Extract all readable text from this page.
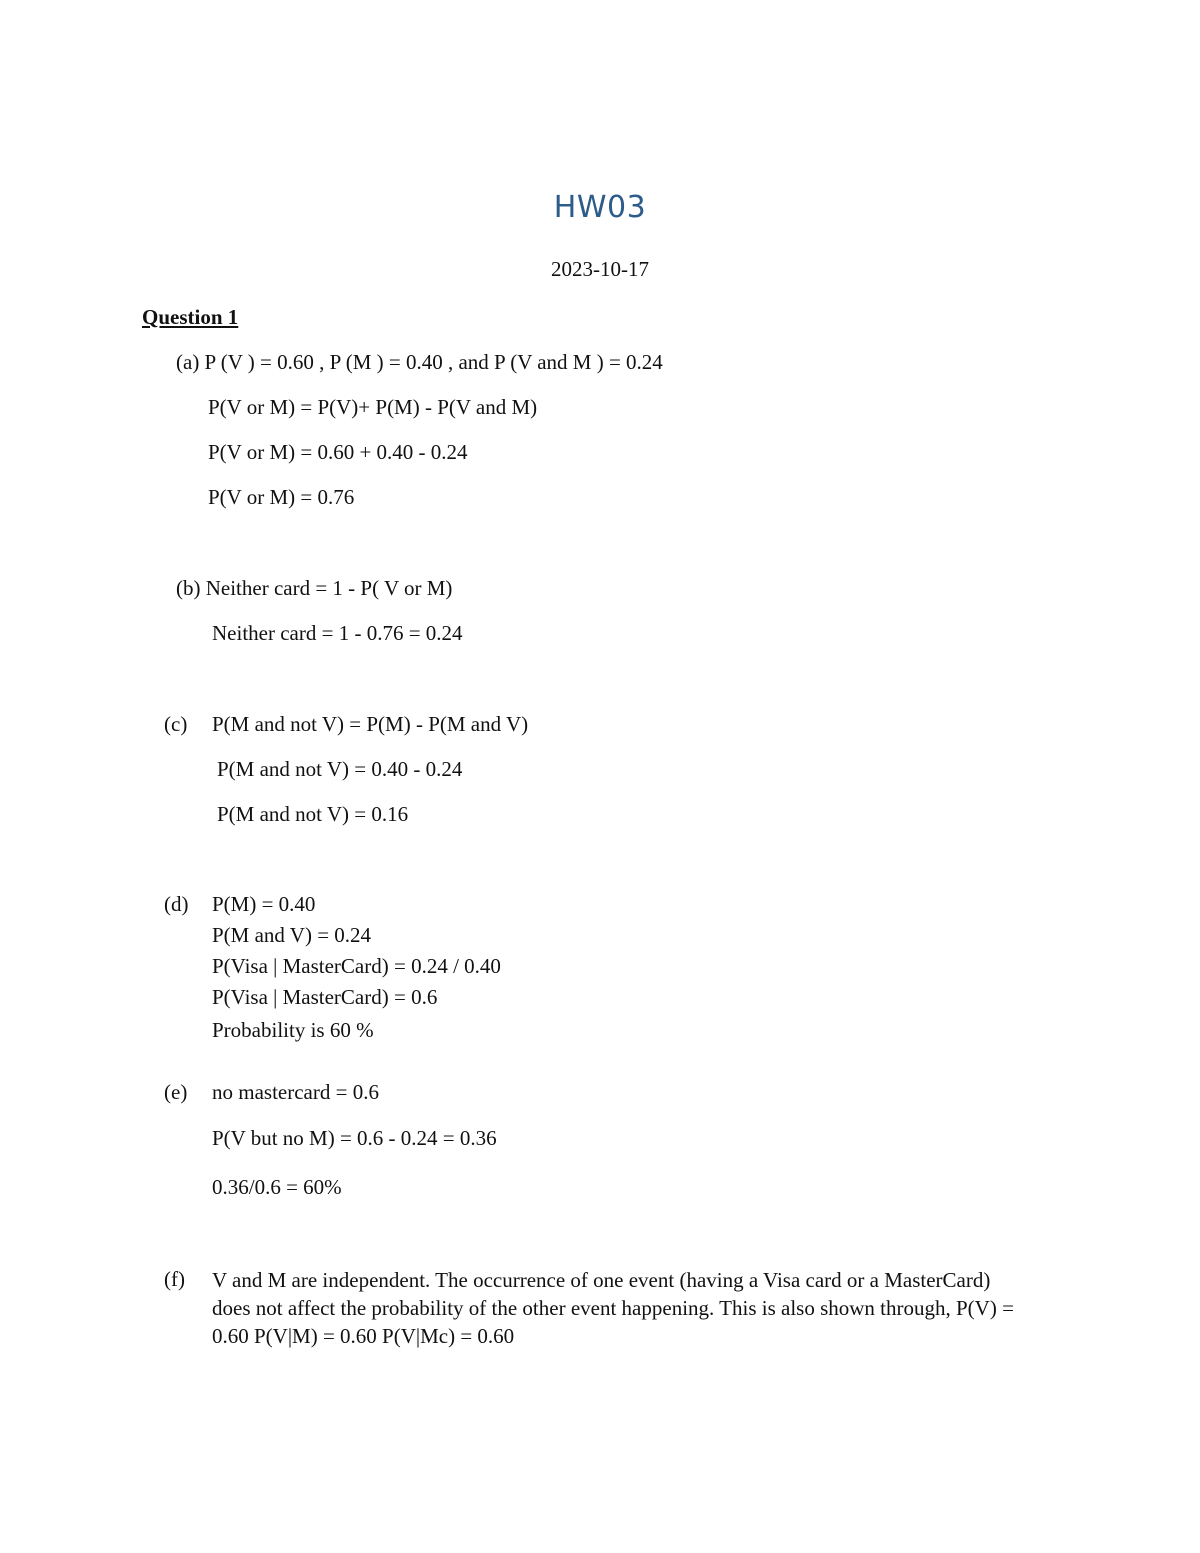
HW03
2023-10-17
Question 1
(a) P (V ) = 0.60 , P (M ) = 0.40 , and P (V and M ) = 0.24
P(V or M) = P(V)+ P(M) - P(V and M)
P(V or M) = 0.60 + 0.40 - 0.24
P(V or M) = 0.76
(b) Neither card = 1 - P( V or M)
Neither card = 1 - 0.76 = 0.24
(c) P(M and not V) = P(M) - P(M and V)
P(M and not V) = 0.40 - 0.24
P(M and not V) = 0.16
(d) P(M) = 0.40
P(M and V) = 0.24
P(Visa | MasterCard) = 0.24 / 0.40
P(Visa | MasterCard) = 0.6
Probability is 60 %
(e) no mastercard = 0.6
P(V but no M) = 0.6 - 0.24 = 0.36
0.36/0.6 = 60%
(f) V and M are independent. The occurrence of one event (having a Visa card or a MasterCard) does not affect the probability of the other event happening. This is also shown through, P(V) = 0.60 P(V|M) = 0.60 P(V|Mc) = 0.60
